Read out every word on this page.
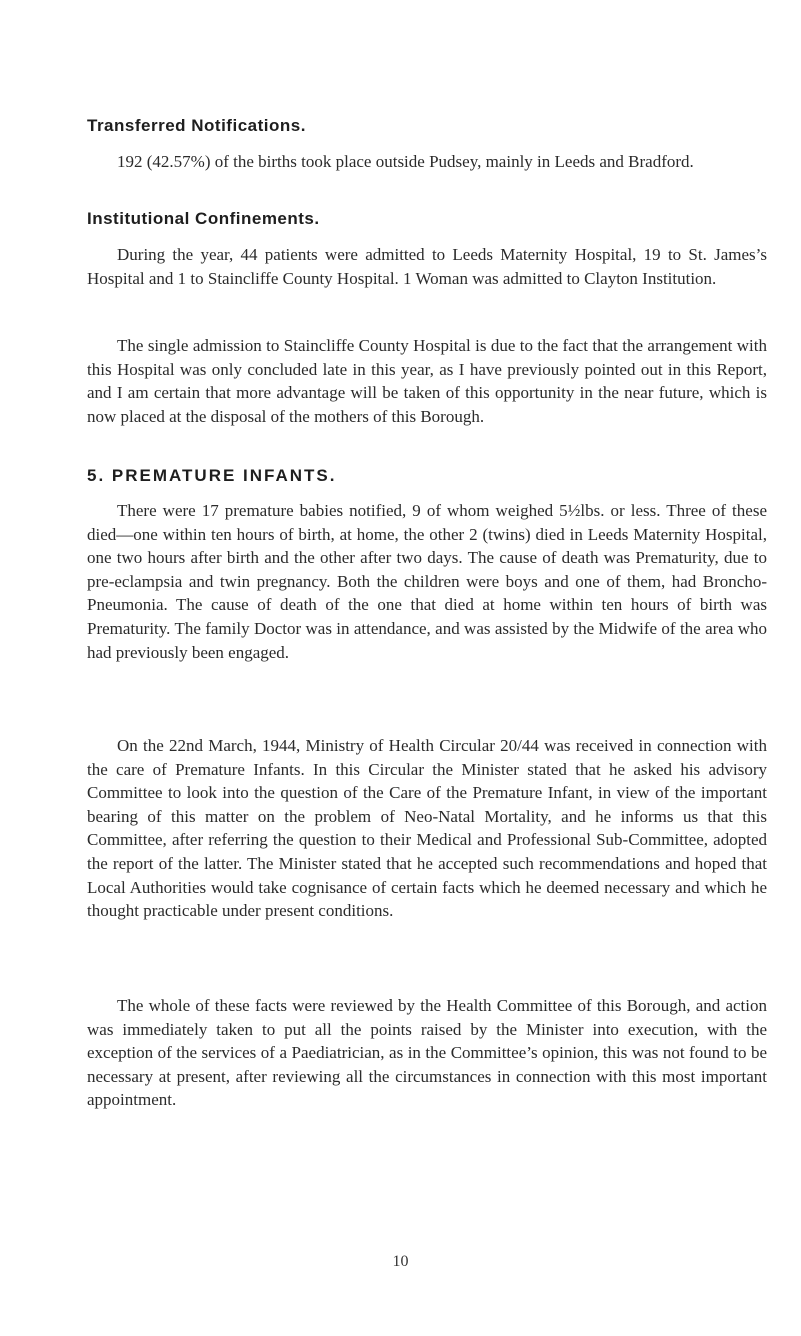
Transferred Notifications.

192 (42.57%) of the births took place outside Pudsey, mainly in Leeds and Bradford.

Institutional Confinements.

During the year, 44 patients were admitted to Leeds Maternity Hospital, 19 to St. James’s Hospital and 1 to Staincliffe County Hospital. 1 Woman was admitted to Clayton Institution.

The single admission to Staincliffe County Hospital is due to the fact that the arrangement with this Hospital was only concluded late in this year, as I have previously pointed out in this Report, and I am certain that more advantage will be taken of this opportunity in the near future, which is now placed at the disposal of the mothers of this Borough.

5. PREMATURE INFANTS.

There were 17 premature babies notified, 9 of whom weighed 5½lbs. or less. Three of these died—one within ten hours of birth, at home, the other 2 (twins) died in Leeds Maternity Hospital, one two hours after birth and the other after two days. The cause of death was Prematurity, due to pre-eclampsia and twin pregnancy. Both the children were boys and one of them, had Broncho-Pneumonia. The cause of death of the one that died at home within ten hours of birth was Prematurity. The family Doctor was in attendance, and was assisted by the Midwife of the area who had previously been engaged.

On the 22nd March, 1944, Ministry of Health Circular 20/44 was received in connection with the care of Premature Infants. In this Circular the Minister stated that he asked his advisory Committee to look into the question of the Care of the Premature Infant, in view of the important bearing of this matter on the problem of Neo-Natal Mortality, and he informs us that this Committee, after referring the question to their Medical and Professional Sub-Committee, adopted the report of the latter. The Minister stated that he accepted such recommendations and hoped that Local Authorities would take cognisance of certain facts which he deemed necessary and which he thought practicable under present conditions.

The whole of these facts were reviewed by the Health Committee of this Borough, and action was immediately taken to put all the points raised by the Minister into execution, with the exception of the services of a Paediatrician, as in the Committee’s opinion, this was not found to be necessary at present, after reviewing all the circumstances in connection with this most important appointment.

10
